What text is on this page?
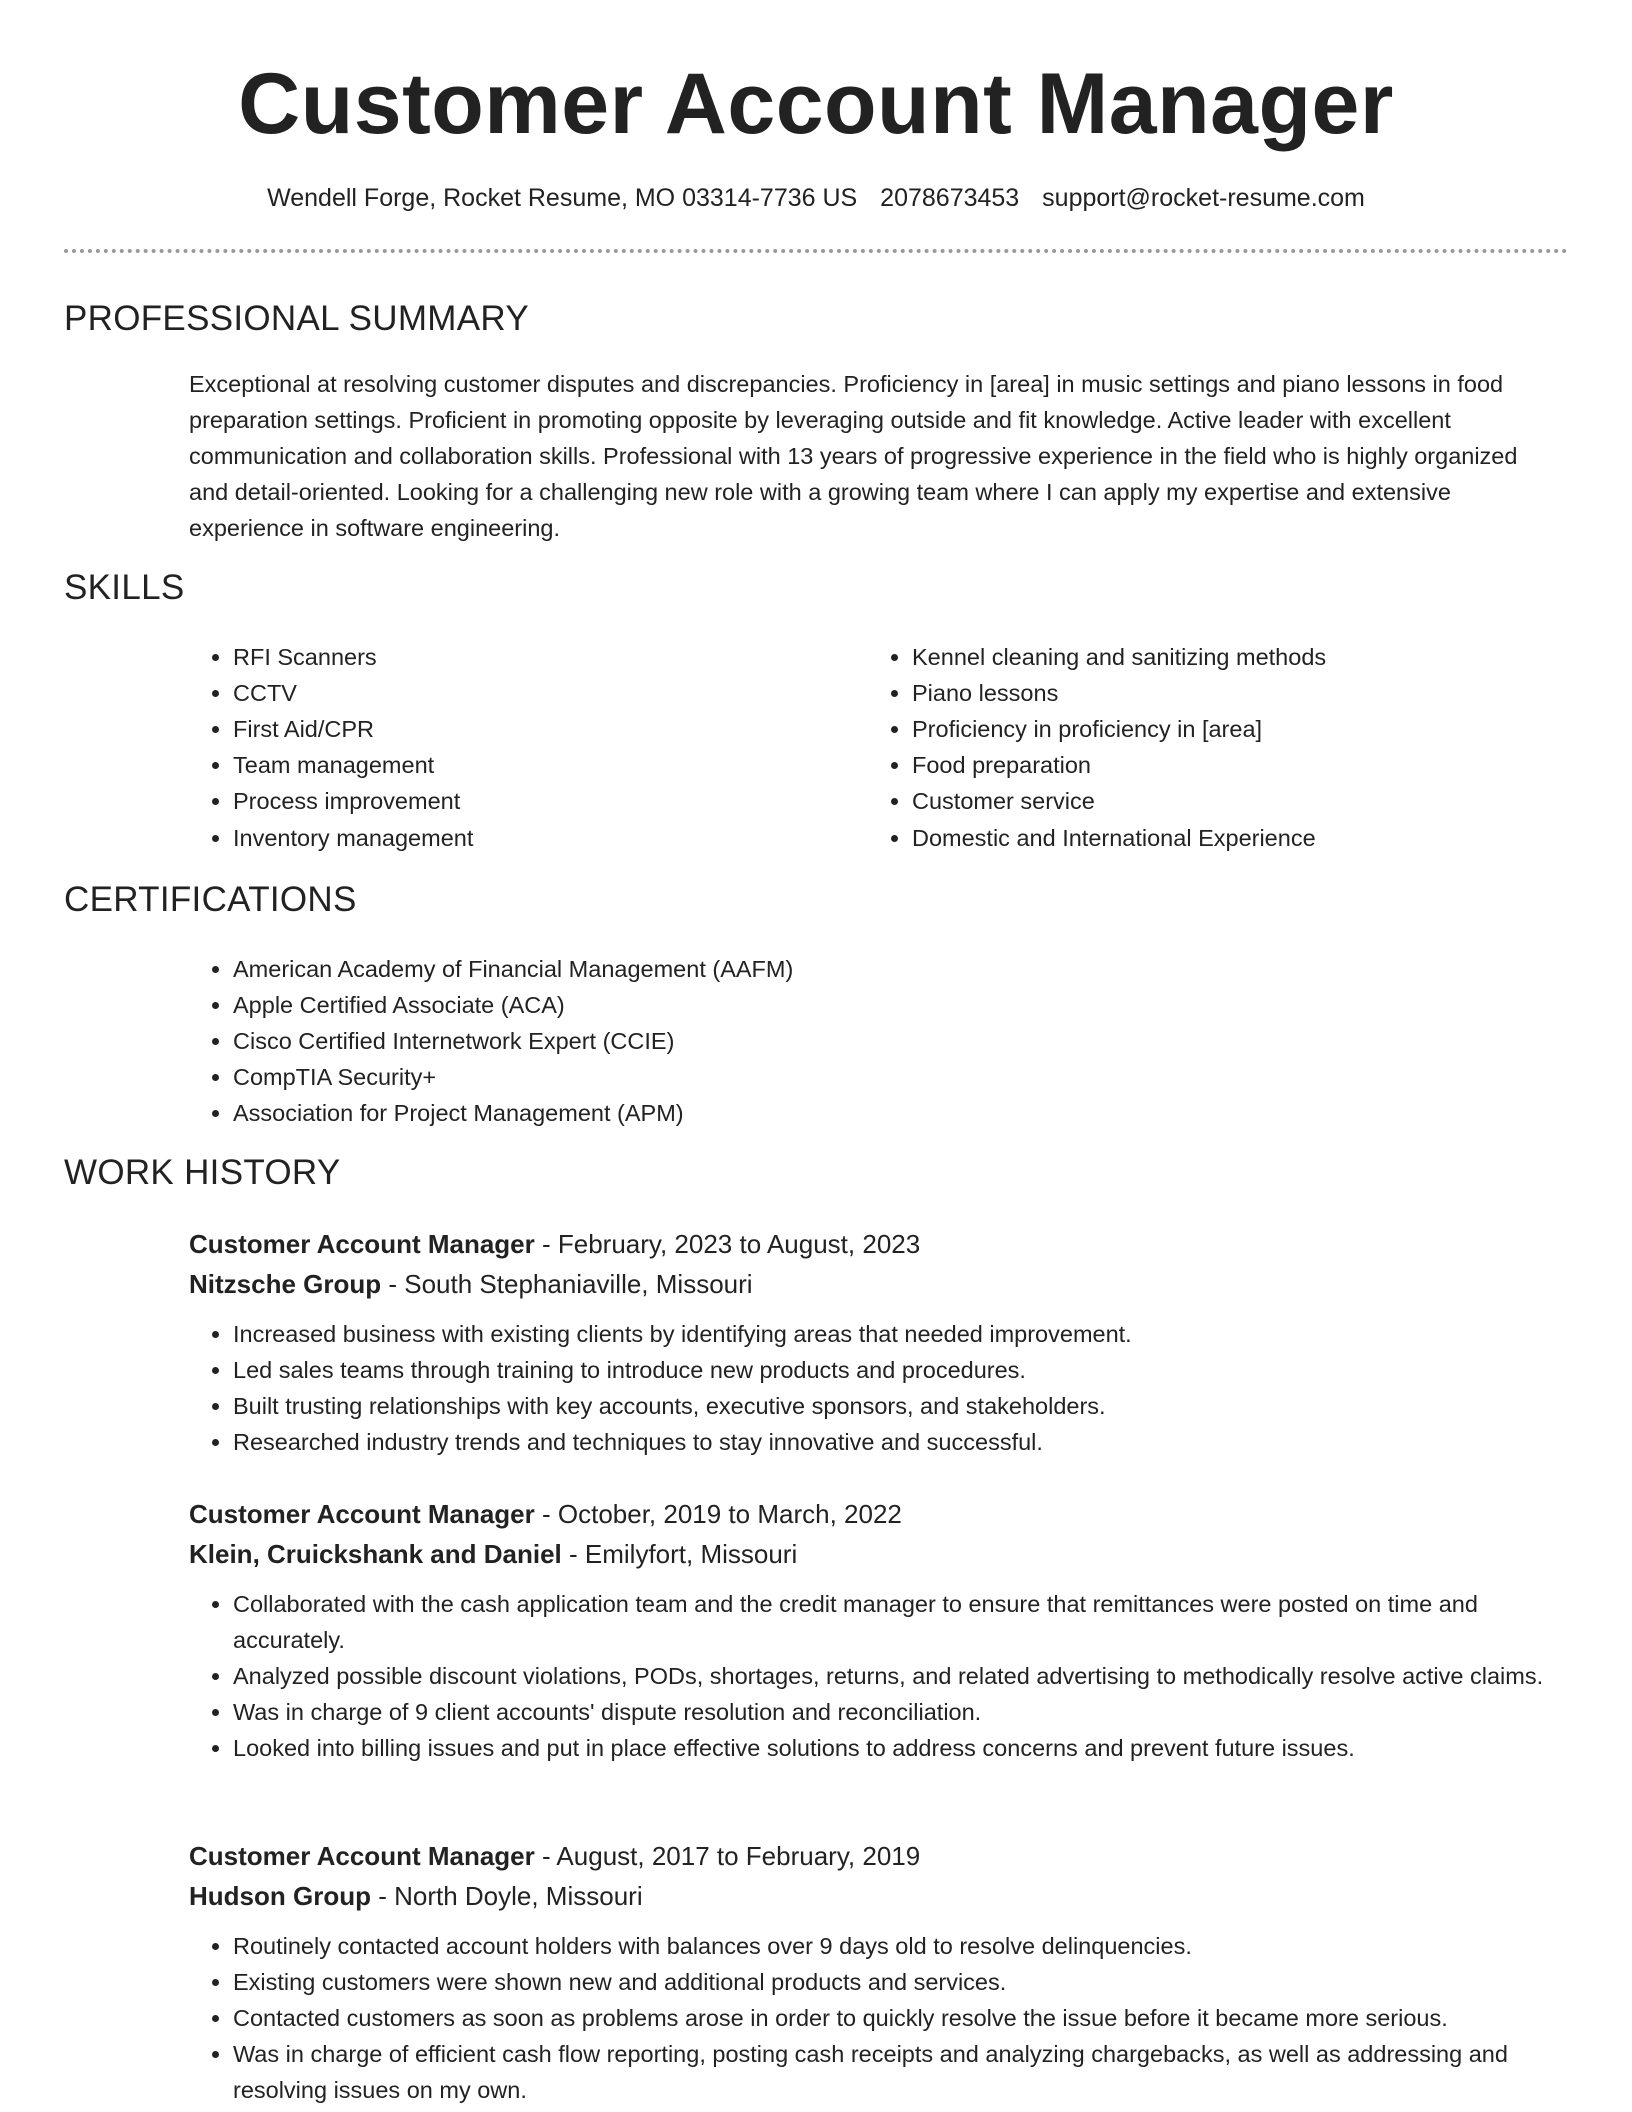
Customer Account Manager
Wendell Forge, Rocket Resume, MO 03314-7736 US 2078673453 support@rocket-resume.com
PROFESSIONAL SUMMARY

Exceptional at resolving customer disputes and discrepancies. Proficiency in [area] in music settings and piano lessons in food preparation settings. Proficient in promoting opposite by leveraging outside and fit knowledge. Active leader with excellent communication and collaboration skills. Professional with 13 years of progressive experience in the field who is highly organized and detail-oriented. Looking for a challenging new role with a growing team where I can apply my expertise and extensive experience in software engineering.

SKILLS
• RFI Scanners
• CCTV
• First Aid/CPR
• Team management
• Process improvement
• Inventory management
• Kennel cleaning and sanitizing methods
• Piano lessons
• Proficiency in proficiency in [area]
• Food preparation
• Customer service
• Domestic and International Experience
CERTIFICATIONS
• American Academy of Financial Management (AAFM)
• Apple Certified Associate (ACA)
• Cisco Certified Internetwork Expert (CCIE)
• CompTIA Security+
• Association for Project Management (APM)
WORK HISTORY
Customer Account Manager - February, 2023 to August, 2023
Nitzsche Group - South Stephaniaville, Missouri
• Increased business with existing clients by identifying areas that needed improvement.
• Led sales teams through training to introduce new products and procedures.
• Built trusting relationships with key accounts, executive sponsors, and stakeholders.
• Researched industry trends and techniques to stay innovative and successful.
Customer Account Manager - October, 2019 to March, 2022
Klein, Cruickshank and Daniel - Emilyfort, Missouri
• Collaborated with the cash application team and the credit manager to ensure that remittances were posted on time and accurately.
• Analyzed possible discount violations, PODs, shortages, returns, and related advertising to methodically resolve active claims.
• Was in charge of 9 client accounts' dispute resolution and reconciliation.
• Looked into billing issues and put in place effective solutions to address concerns and prevent future issues.
Customer Account Manager - August, 2017 to February, 2019
Hudson Group - North Doyle, Missouri
• Routinely contacted account holders with balances over 9 days old to resolve delinquencies.
• Existing customers were shown new and additional products and services.
• Contacted customers as soon as problems arose in order to quickly resolve the issue before it became more serious.
• Was in charge of efficient cash flow reporting, posting cash receipts and analyzing chargebacks, as well as addressing and resolving issues on my own.
